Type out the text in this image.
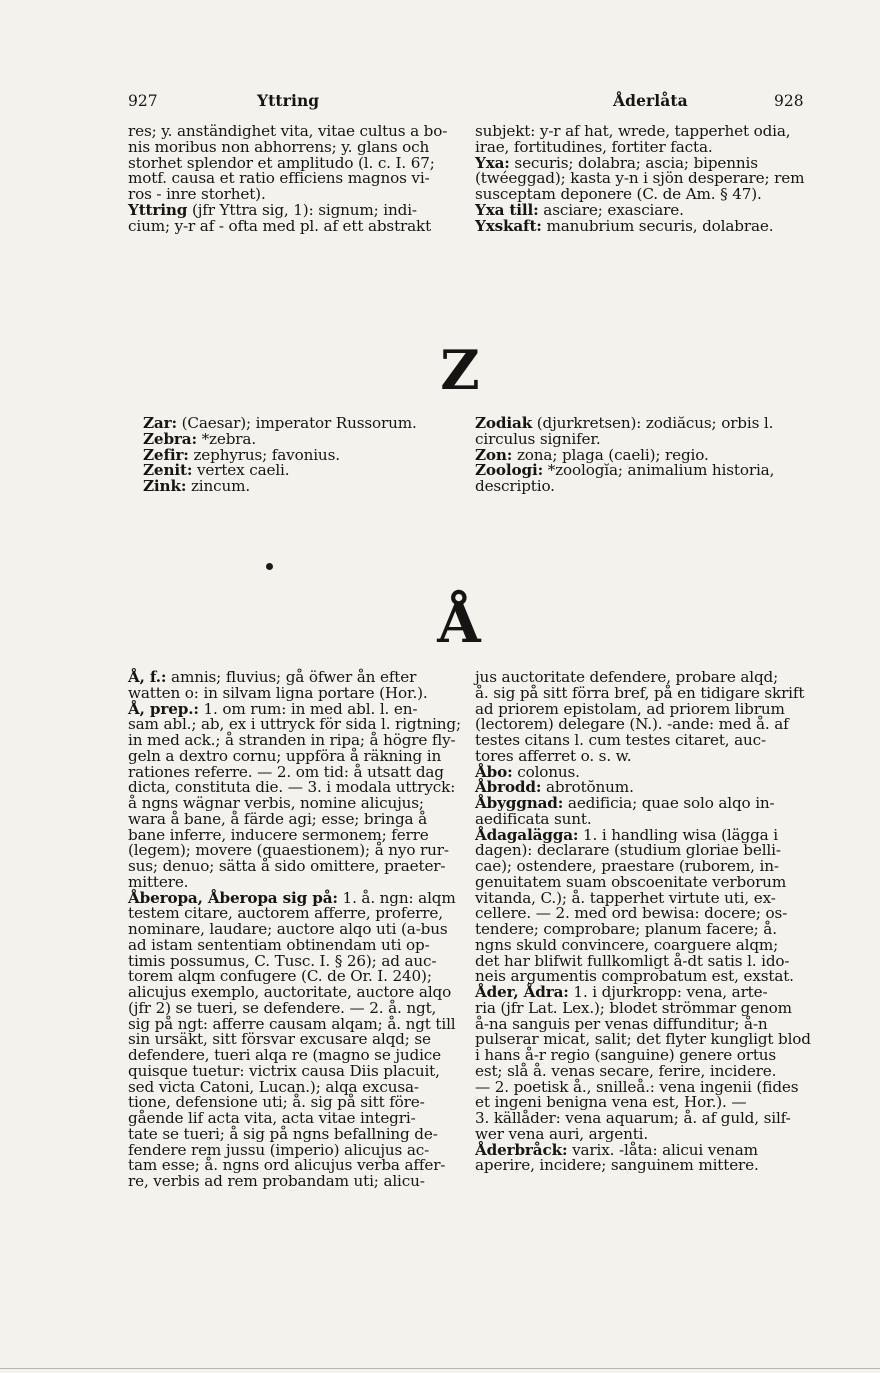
927	Yttring	Åderlåta	928
res; y. anständighet vita, vitae cultus a bo-
nis moribus non abhorrens; y. glans och
storhet splendor et amplitudo (l. c. I. 67;
motf. causa et ratio efficiens magnos vi-
ros - inre storhet).
Yttring (jfr Yttra sig, 1): signum; indi-
cium; y-r af - ofta med pl. af ett abstrakt
subjekt: y-r af hat, wrede, tapperhet odia,
irae, fortitudines, fortiter facta.
Yxa: securis; dolabra; ascia; bipennis
(twéeggad); kasta y-n i sjön desperare; rem
susceptam deponere (C. de Am. § 47).
Yxa till: asciare; exasciare.
Yxskaft: manubrium securis, dolabrae.
Z
Zar: (Caesar); imperator Russorum.
Zebra: *zebra.
Zefir: zephyrus; favonius.
Zenit: vertex caeli.
Zink: zincum.
Zodiak (djurkretsen): zodiăcus; orbis l.
circulus signifer.
Zon: zona; plaga (caeli); regio.
Zoologi: *zoologĭa; animalium historia,
descriptio.
Å
Å, f.: amnis; fluvius; gå öfwer ån efter
watten o: in silvam ligna portare (Hor.).
Å, prep.: 1. om rum: in med abl. l. en-
sam abl.; ab, ex i uttryck för sida l. rigtning;
in med ack.; å stranden in ripa; å högre fly-
geln a dextro cornu; uppföra å räkning in
rationes referre. — 2. om tid: å utsatt dag
dicta, constituta die. — 3. i modala uttryck:
å ngns wägnar verbis, nomine alicujus;
wara å bane, å färde agi; esse; bringa å
bane inferre, inducere sermonem; ferre
(legem); movere (quaestionem); å nyo rur-
sus; denuo; sätta å sido omittere, praeter-
mittere.
Åberopa, Åberopa sig på: 1. å. ngn: alqm
testem citare, auctorem afferre, proferre,
nominare, laudare; auctore alqo uti (a-bus
ad istam sententiam obtinendam uti op-
timis possumus, C. Tusc. I. § 26); ad auc-
torem alqm confugere (C. de Or. I. 240);
alicujus exemplo, auctoritate, auctore alqo
(jfr 2) se tueri, se defendere. — 2. å. ngt,
sig på ngt: afferre causam alqam; å. ngt till
sin ursäkt, sitt försvar excusare alqd; se
defendere, tueri alqa re (magno se judice
quisque tuetur: victrix causa Diis placuit,
sed victa Catoni, Lucan.); alqa excusa-
tione, defensione uti; å. sig på sitt före-
gående lif acta vita, acta vitae integri-
tate se tueri; å sig på ngns befallning de-
fendere rem jussu (imperio) alicujus ac-
tam esse; å. ngns ord alicujus verba affer-
re, verbis ad rem probandam uti; alicu-
jus auctoritate defendere, probare alqd;
å. sig på sitt förra bref, på en tidigare skrift
ad priorem epistolam, ad priorem librum
(lectorem) delegare (N.). -ande: med å. af
testes citans l. cum testes citaret, auc-
tores afferret o. s. w.
Åbo: colonus.
Åbrodd: abrotŏnum.
Åbyggnad: aedificia; quae solo alqo in-
aedificata sunt.
Ådagalägga: 1. i handling wisa (lägga i
dagen): declarare (studium gloriae belli-
cae); ostendere, praestare (ruborem, in-
genuitatem suam obscoenitate verborum
vitanda, C.); å. tapperhet virtute uti, ex-
cellere. — 2. med ord bewisa: docere; os-
tendere; comprobare; planum facere; å.
ngns skuld convincere, coarguere alqm;
det har blifwit fullkomligt å-dt satis l. ido-
neis argumentis comprobatum est, exstat.
Åder, Ådra: 1. i djurkropp: vena, arte-
ria (jfr Lat. Lex.); blodet strömmar genom
å-na sanguis per venas diffunditur; å-n
pulserar micat, salit; det flyter kungligt blod
i hans å-r regio (sanguine) genere ortus
est; slå å. venas secare, ferire, incidere.
— 2. poetisk å., snilleå.: vena ingenii (fides
et ingeni benigna vena est, Hor.). —
3. källåder: vena aquarum; å. af guld, silf-
wer vena auri, argenti.
Åderbråck: varix. -låta: alicui venam
aperire, incidere; sanguinem mittere.
